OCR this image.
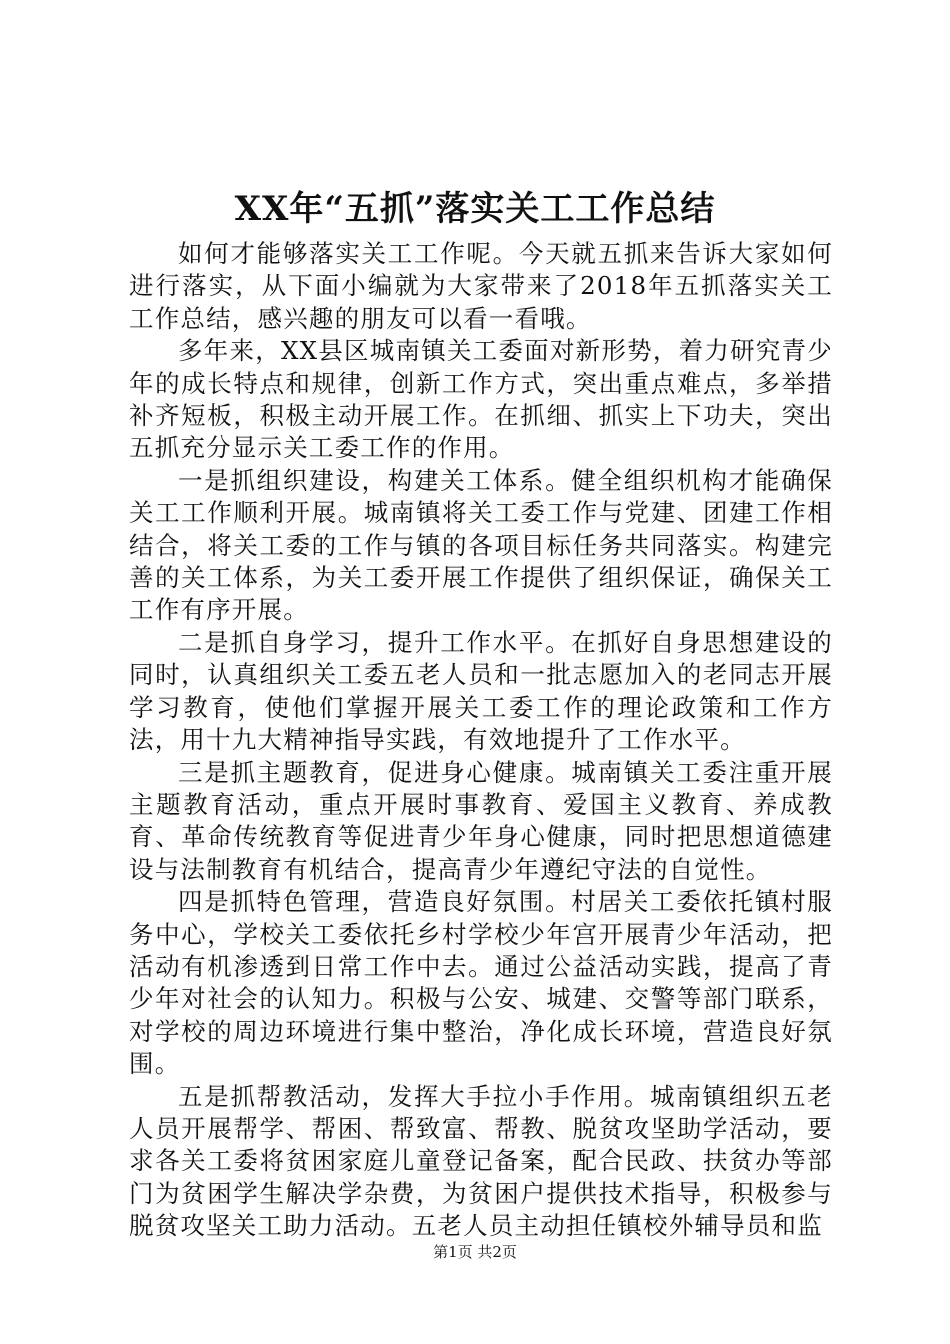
XX年“五抓”落实关工工作总结

如何才能够落实关工工作呢。今天就五抓来告诉大家如何进行落实，从下面小编就为大家带来了2018年五抓落实关工工作总结，感兴趣的朋友可以看一看哦。

多年来，XX县区城南镇关工委面对新形势，着力研究青少年的成长特点和规律，创新工作方式，突出重点难点，多举措补齐短板，积极主动开展工作。在抓细、抓实上下功夫，突出五抓充分显示关工委工作的作用。

一是抓组织建设，构建关工体系。健全组织机构才能确保关工工作顺利开展。城南镇将关工委工作与党建、团建工作相结合，将关工委的工作与镇的各项目标任务共同落实。构建完善的关工体系，为关工委开展工作提供了组织保证，确保关工工作有序开展。

二是抓自身学习，提升工作水平。在抓好自身思想建设的同时，认真组织关工委五老人员和一批志愿加入的老同志开展学习教育，使他们掌握开展关工委工作的理论政策和工作方法，用十九大精神指导实践，有效地提升了工作水平。

三是抓主题教育，促进身心健康。城南镇关工委注重开展主题教育活动，重点开展时事教育、爱国主义教育、养成教育、革命传统教育等促进青少年身心健康，同时把思想道德建设与法制教育有机结合，提高青少年遵纪守法的自觉性。

四是抓特色管理，营造良好氛围。村居关工委依托镇村服务中心，学校关工委依托乡村学校少年宫开展青少年活动，把活动有机渗透到日常工作中去。通过公益活动实践，提高了青少年对社会的认知力。积极与公安、城建、交警等部门联系，对学校的周边环境进行集中整治，净化成长环境，营造良好氛围。

五是抓帮教活动，发挥大手拉小手作用。城南镇组织五老人员开展帮学、帮困、帮致富、帮教、脱贫攻坚助学活动，要求各关工委将贫困家庭儿童登记备案，配合民政、扶贫办等部门为贫困学生解决学杂费，为贫困户提供技术指导，积极参与脱贫攻坚关工助力活动。五老人员主动担任镇校外辅导员和监

第1页 共2页
